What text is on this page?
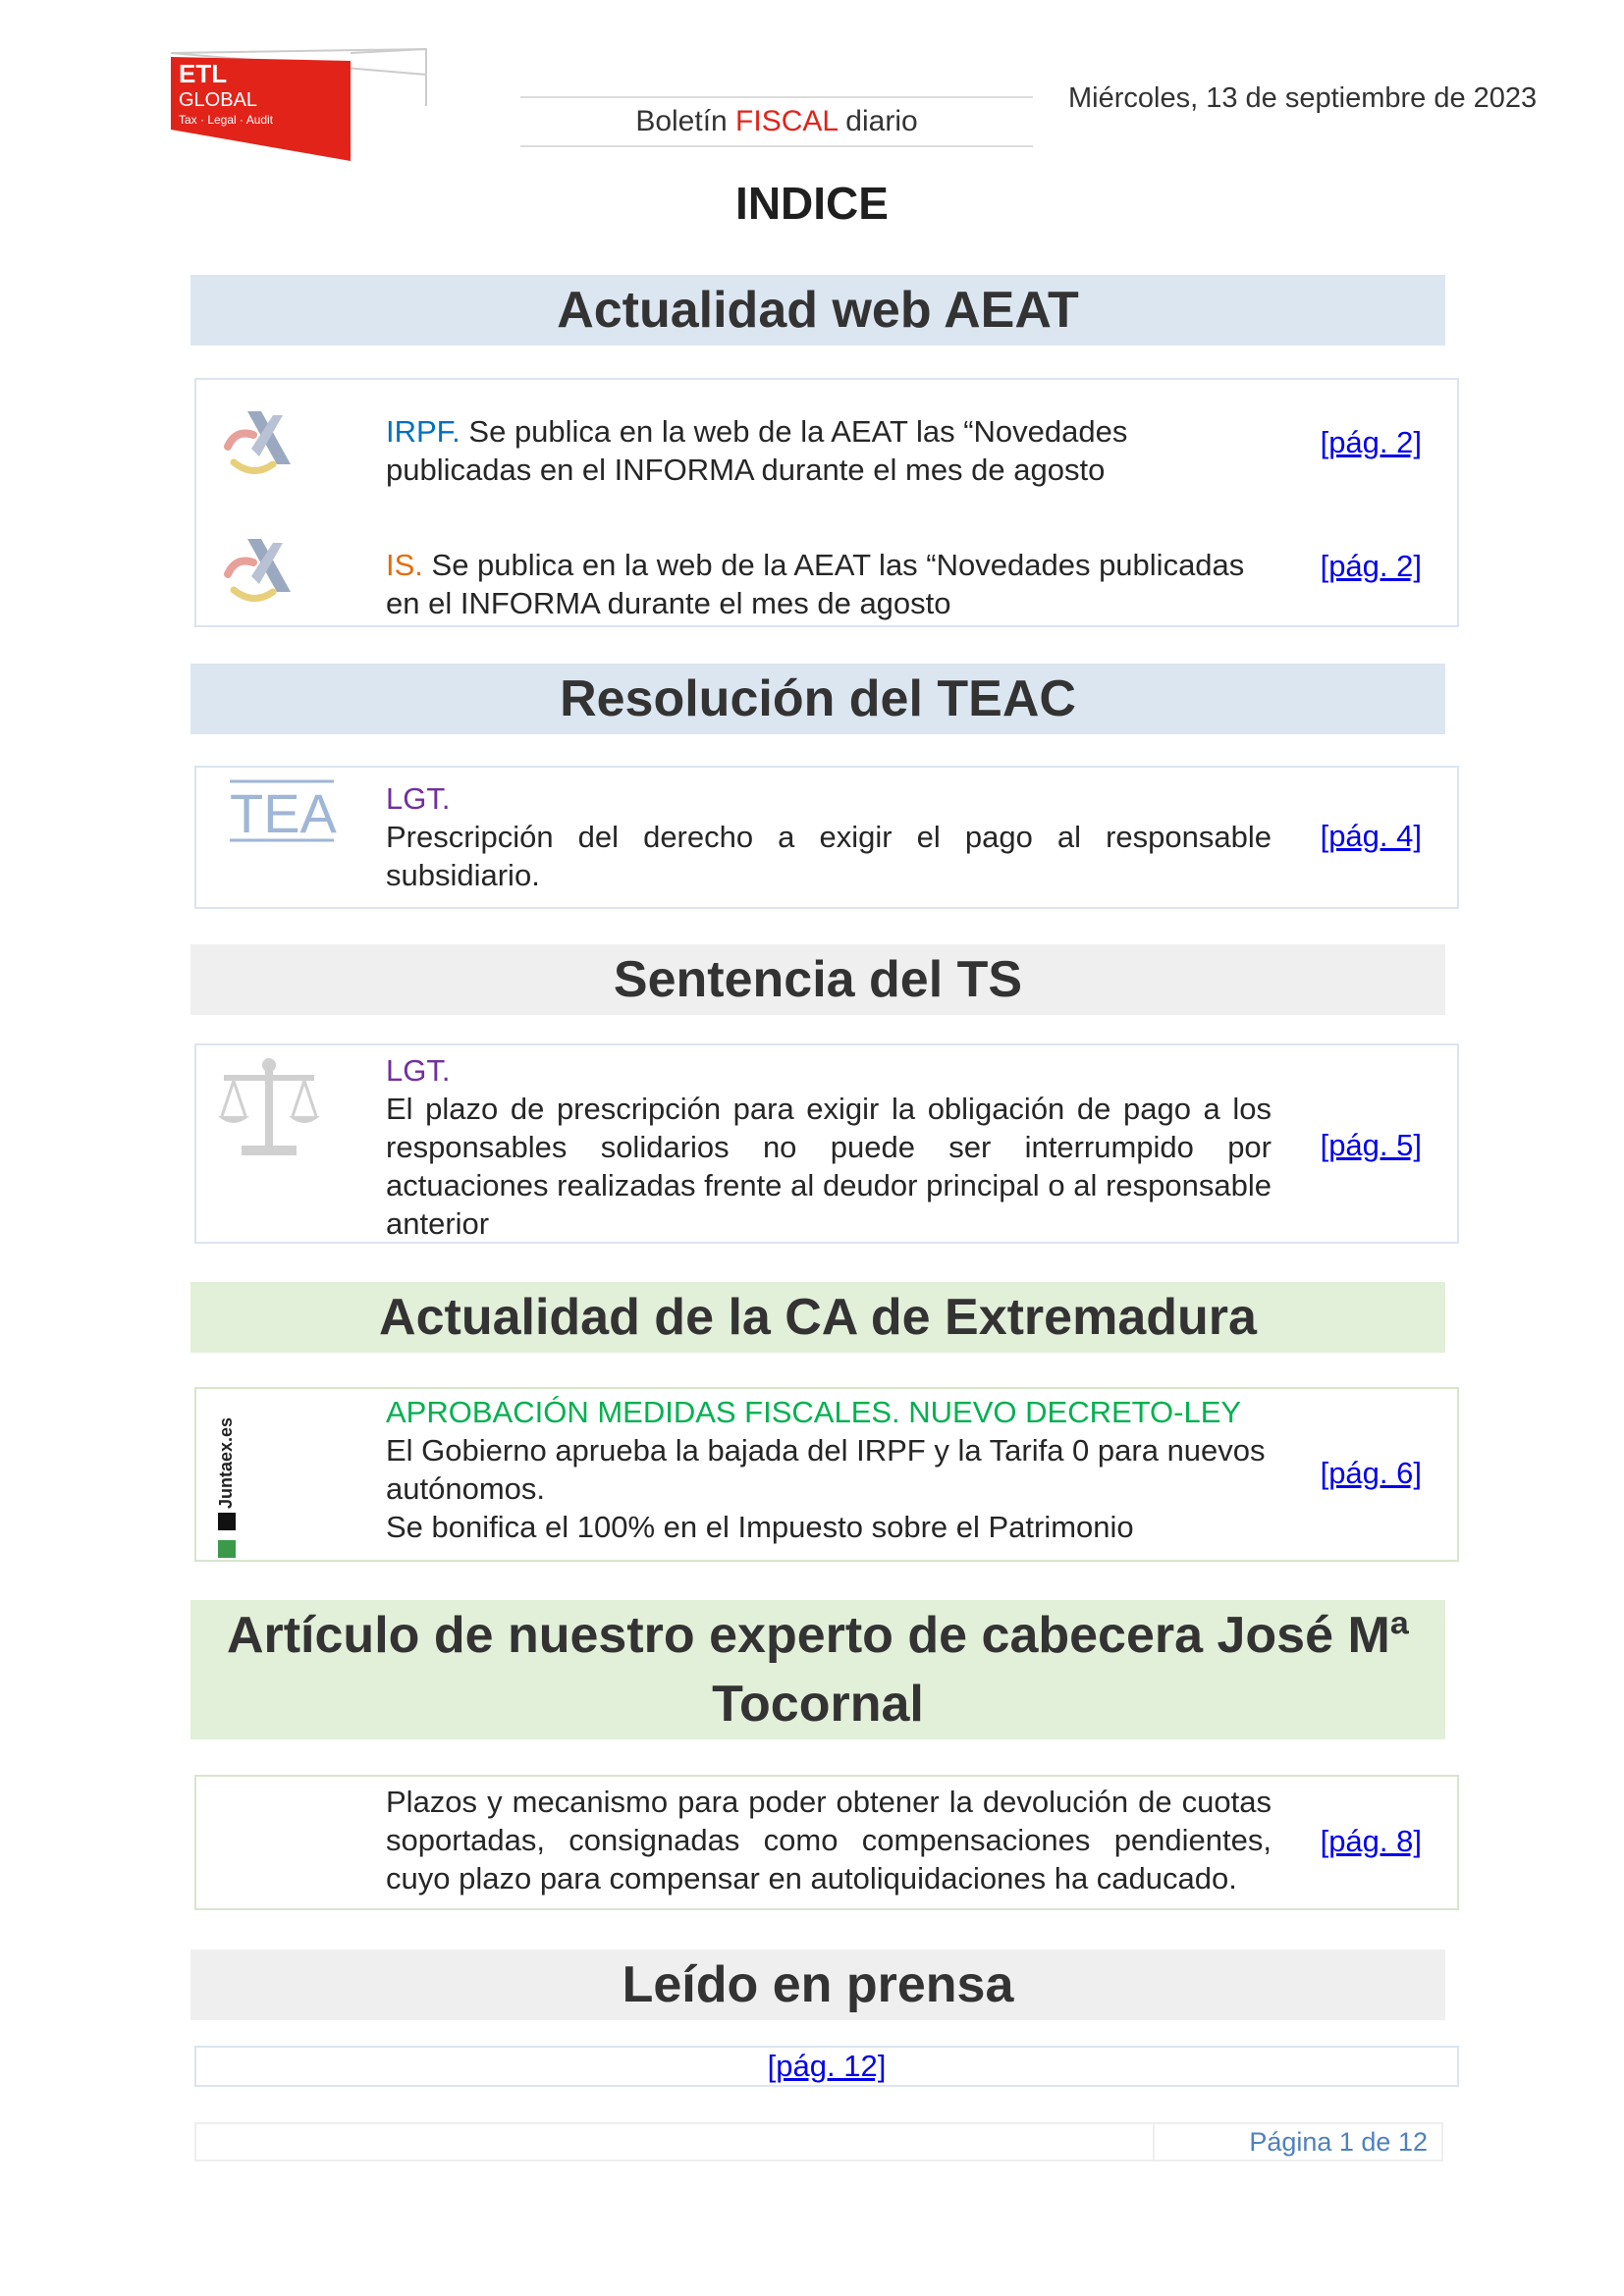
ETL
GLOBAL
Tax · Legal · Audit	Boletín FISCAL diario
Miércoles, 13 de septiembre de 2023
INDICE
Actualidad web AEAT
IRPF. Se publica en la web de la AEAT las “Novedades publicadas en el INFORMA durante el mes de agosto
[pág. 2]
IS. Se publica en la web de la AEAT las “Novedades publicadas en el INFORMA durante el mes de agosto
[pág. 2]
Resolución del TEAC
TEA LGT.
Prescripción del derecho a exigir el pago al responsable subsidiario.
[pág. 4]
Sentencia del TS
LGT.
El plazo de prescripción para exigir la obligación de pago a los responsables solidarios no puede ser interrumpido por actuaciones realizadas frente al deudor principal o al responsable anterior
[pág. 5]
Actualidad de la CA de Extremadura
Juntaex.es
APROBACIÓN MEDIDAS FISCALES. NUEVO DECRETO-LEY
El Gobierno aprueba la bajada del IRPF y la Tarifa 0 para nuevos autónomos.
Se bonifica el 100% en el Impuesto sobre el Patrimonio
[pág. 6]
Artículo de nuestro experto de cabecera José Mª Tocornal
Plazos y mecanismo para poder obtener la devolución de cuotas soportadas, consignadas como compensaciones pendientes, cuyo plazo para compensar en autoliquidaciones ha caducado.
[pág. 8]
Leído en prensa
[pág. 12]
Página 1 de 12
